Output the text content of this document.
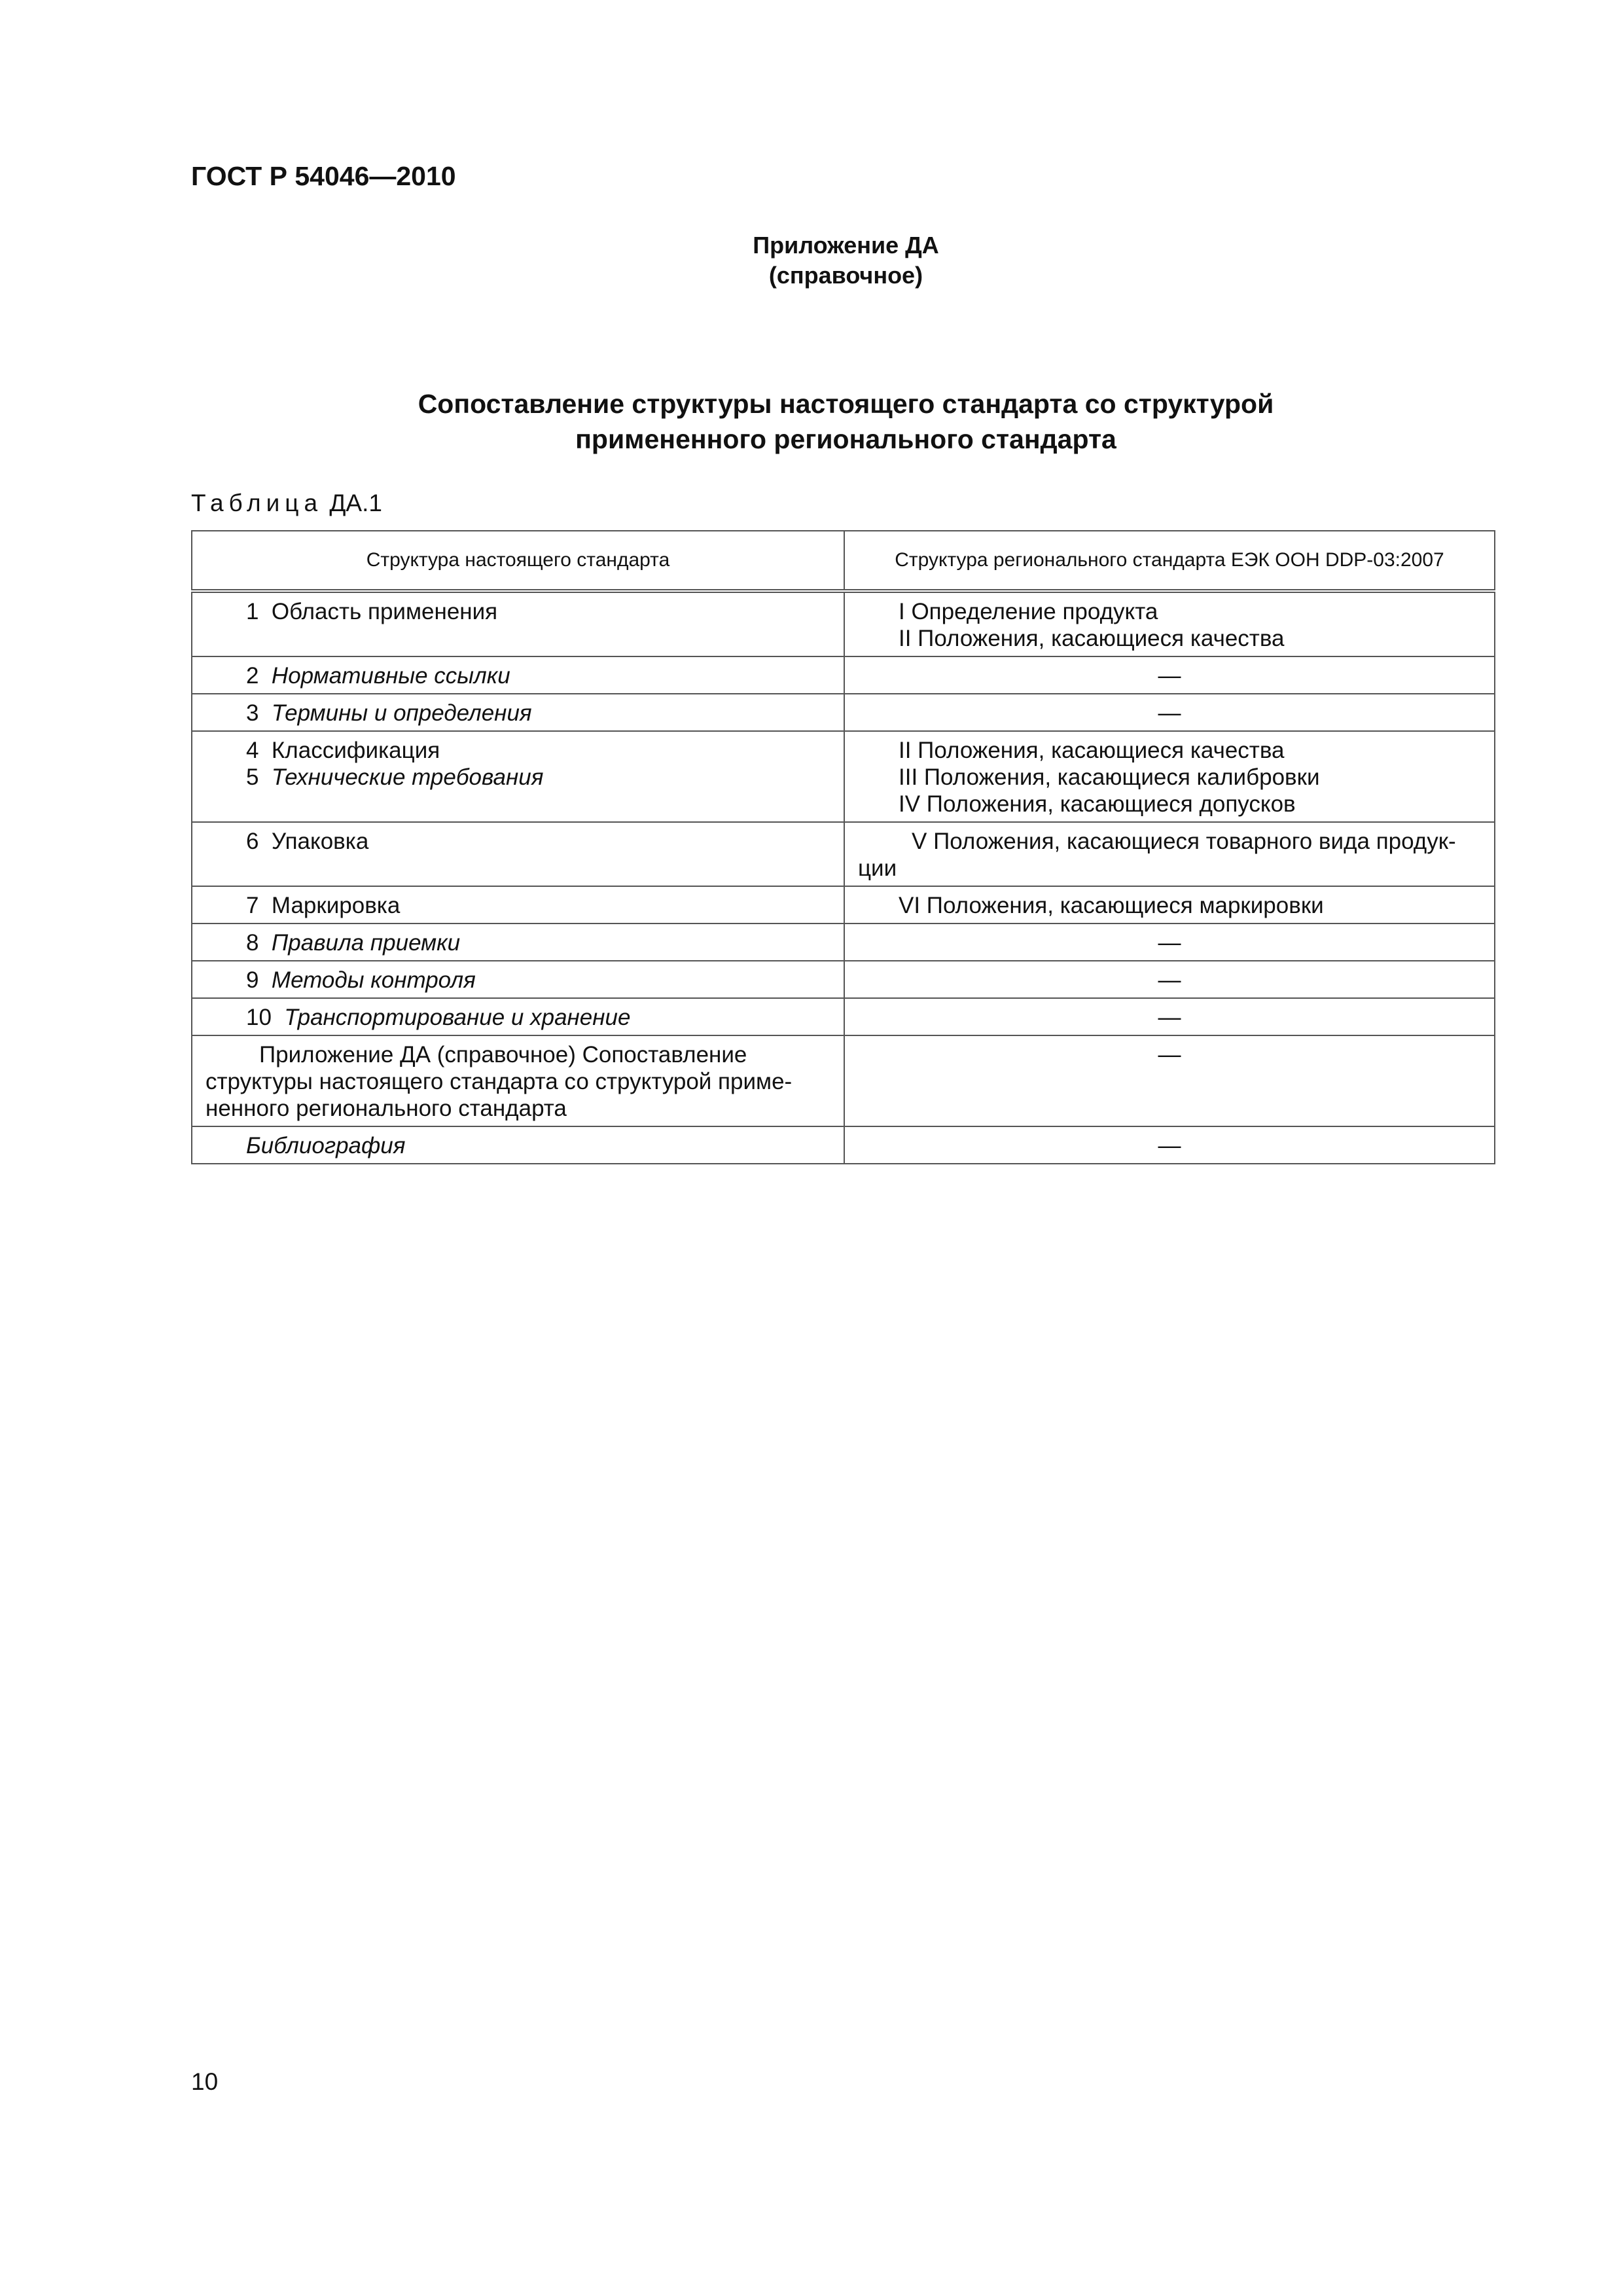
ГОСТ Р 54046—2010
Приложение ДА
(справочное)
Сопоставление структуры настоящего стандарта со структурой
примененного регионального стандарта
Таблица ДА.1
Структура настоящего стандарта	Структура регионального стандарта ЕЭК ООН DDP-03:2007

1 Область применения	I Определение продукта
II Положения, касающиеся качества

2 Нормативные ссылки	—

3 Термины и определения	—

4 Классификация
5 Технические требования	II Положения, касающиеся качества
III Положения, касающиеся калибровки
IV Положения, касающиеся допусков

6 Упаковка	V Положения, касающиеся товарного вида продук-
ции

7 Маркировка	VI Положения, касающиеся маркировки

8 Правила приемки	—

9 Методы контроля	—

10 Транспортирование и хранение	—

Приложение ДА (справочное) Сопоставление
структуры настоящего стандарта со структурой приме-
ненного регионального стандарта	—

Библиография	—
10
